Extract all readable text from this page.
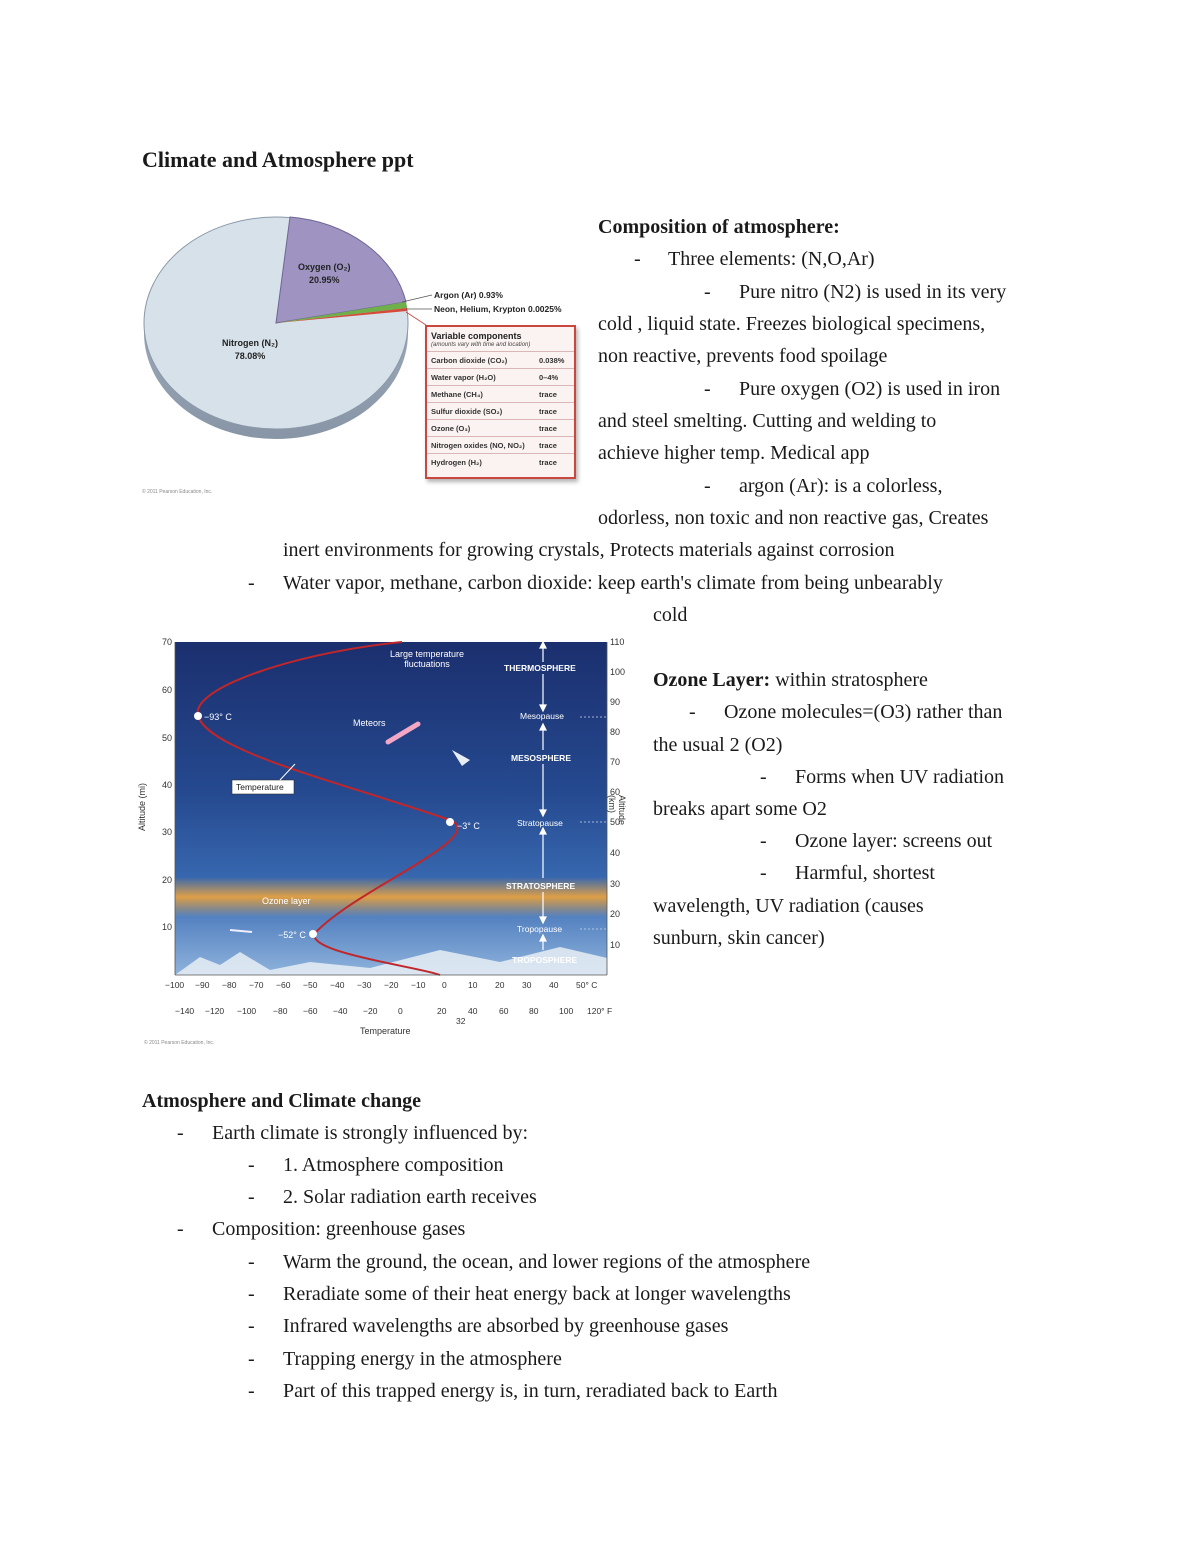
Climate and Atmosphere ppt
Oxygen (O₂)
20.95%
Nitrogen (N₂)
78.08%
Argon (Ar) 0.93%
Neon, Helium, Krypton 0.0025%
Variable components
(amounts vary with time and location)
Carbon dioxide (CO₂)	0.038%
Water vapor (H₂O)	0–4%
Methane (CH₄)	trace
Sulfur dioxide (SO₂)	trace
Ozone (O₃)	trace
Nitrogen oxides (NO, NO₂) trace
Hydrogen (H₂)	trace
© 2011 Pearson Education, Inc.
Composition of atmosphere:
- Three elements: (N,O,Ar)
- Pure nitro (N2) is used in its very
cold , liquid state. Freezes biological specimens,
non reactive, prevents food spoilage
- Pure oxygen (O2) is used in iron
and steel smelting. Cutting and welding to
achieve higher temp. Medical app
- argon (Ar): is a colorless,
odorless, non toxic and non reactive gas, Creates
inert environments for growing crystals, Protects materials against corrosion
- Water vapor, methane, carbon dioxide: keep earth's climate from being unbearably
cold
Large temperature
fluctuations	THERMOSPHERE
Mesopause
MESOSPHERE
Stratopause
STRATOSPHERE
Tropopause
TROPOSPHERE
Meteors
Temperature
Ozone layer
−93° C
−3° C
−52° C
70
60
50
40
30
20
10
Altitude (mi)
110
100
90
80
70
60
50
40
30
20
10
Altitude (km)
−100 −90 −80 −70 −60 −50 −40 −30 −20 −10 0	10 20 30 40 50° C
−140 −120 −100 −80 −60 −40 −20 0	20	40	60 80 100 120° F
32
Temperature
© 2011 Pearson Education, Inc.
Ozone Layer: within stratosphere
- Ozone molecules=(O3) rather than
the usual 2 (O2)
- Forms when UV radiation
breaks apart some O2
- Ozone layer: screens out
- Harmful, shortest
wavelength, UV radiation (causes
sunburn, skin cancer)
Atmosphere and Climate change
- Earth climate is strongly influenced by:
- 1. Atmosphere composition
- 2. Solar radiation earth receives
- Composition: greenhouse gases
- Warm the ground, the ocean, and lower regions of the atmosphere
- Reradiate some of their heat energy back at longer wavelengths
- Infrared wavelengths are absorbed by greenhouse gases
- Trapping energy in the atmosphere
- Part of this trapped energy is, in turn, reradiated back to Earth
